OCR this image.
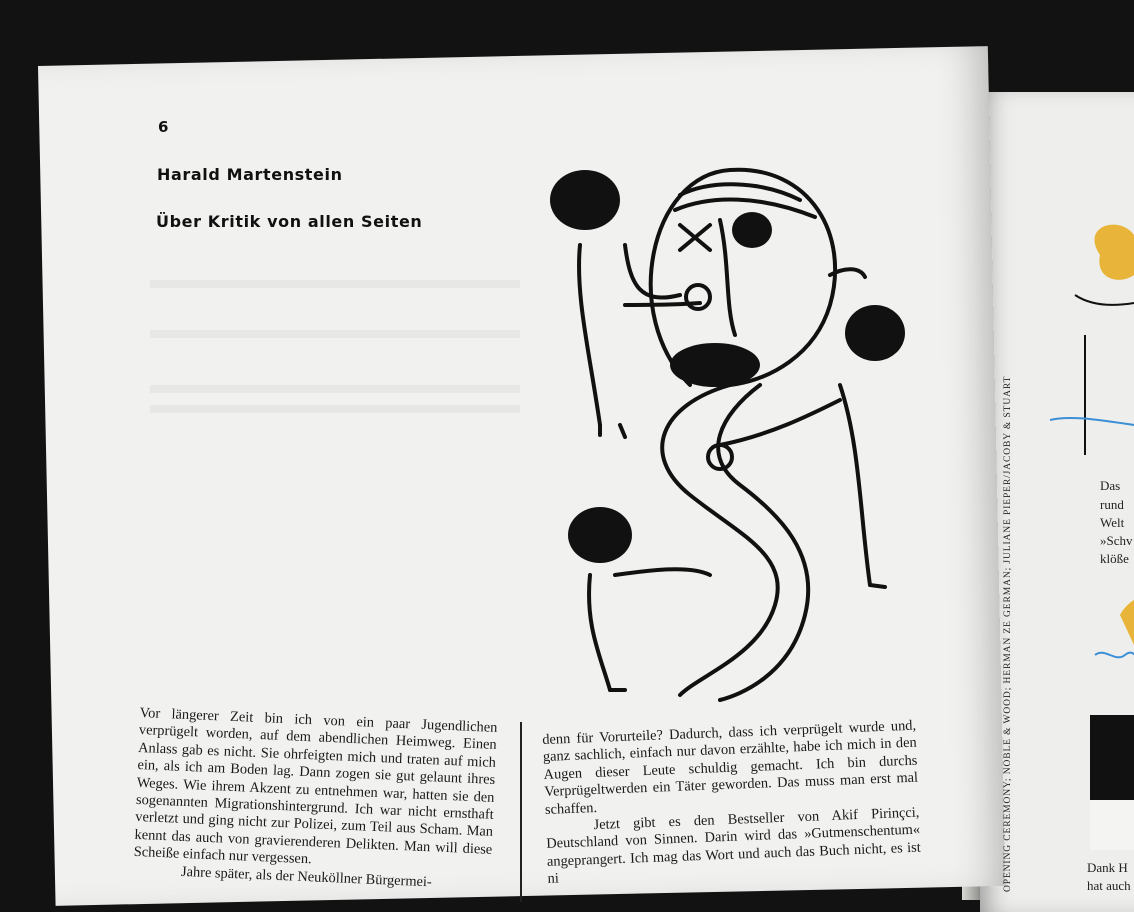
6
Harald Martenstein
Über Kritik von allen Seiten

Vor längerer Zeit bin ich von ein paar Jugendlichen verprügelt worden, auf dem abendlichen Heimweg. Einen Anlass gab es nicht. Sie ohrfeigten mich und traten auf mich ein, als ich am Boden lag. Dann zogen sie gut gelaunt ihres Weges. Wie ihrem Akzent zu entnehmen war, hatten sie den sogenannten Migrationshintergrund. Ich war nicht ernsthaft verletzt und ging nicht zur Polizei, zum Teil aus Scham. Man kennt das auch von gravierenderen Delikten. Man will diese Scheiße einfach nur vergessen.

Jahre später, als der Neuköllner Bürgermei-

denn für Vorurteile? Dadurch, dass ich verprügelt wurde und, ganz sachlich, einfach nur davon erzählte, habe ich mich in den Augen dieser Leute schuldig gemacht. Ich bin durchs Verprügeltwerden ein Täter geworden. Das muss man erst mal schaffen.

Jetzt gibt es den Bestseller von Akif Pirinçci, Deutschland von Sinnen. Darin wird das »Gutmenschentum« angeprangert. Ich mag das Wort und auch das Buch nicht, es ist ni	OPENING CEREMONY; NOBLE & WOOD; HERMAN ZE GERMAN; JULIANE PIEPER/JACOBY & STUART	Das
rund
Welt
»Schv
klöße
Dank H
hat auch
